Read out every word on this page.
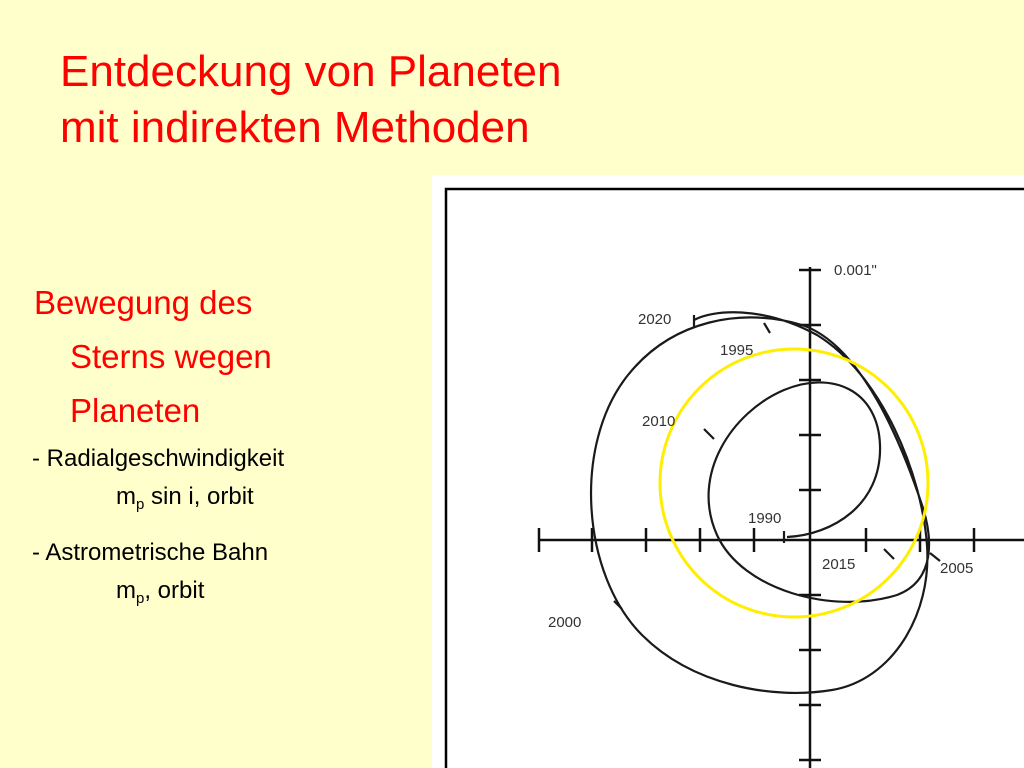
Entdeckung von Planeten
mit indirekten Methoden
Bewegung des
Sterns wegen
Planeten
- Radialgeschwindigkeit
$m_p$ sin i, orbit
- Astrometrische Bahn
$m_p$, orbit
0.001"
2020
1995
2010
1990
2015	2005
2000
